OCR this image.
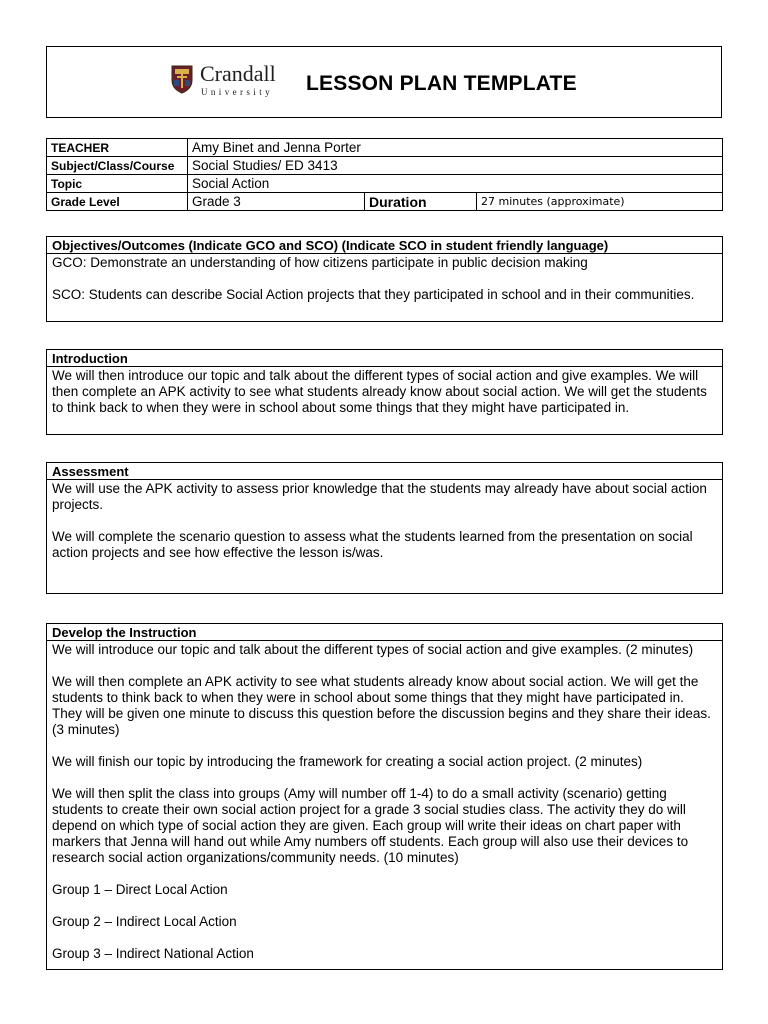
Crandall
University LESSON PLAN TEMPLATE
TEACHER	Amy Binet and Jenna Porter		
Subject/Class/Course	Social Studies/ ED 3413		
Topic	Social Action		
Grade Level	Grade 3	Duration	27 minutes (approximate)
Objectives/Outcomes (Indicate GCO and SCO) (Indicate SCO in student friendly language)

GCO: Demonstrate an understanding of how citizens participate in public decision making

SCO: Students can describe Social Action projects that they participated in school and in their communities.

Introduction

We will then introduce our topic and talk about the different types of social action and give examples. We will then complete an APK activity to see what students already know about social action. We will get the students to think back to when they were in school about some things that they might have participated in.

Assessment

We will use the APK activity to assess prior knowledge that the students may already have about social action projects.

We will complete the scenario question to assess what the students learned from the presentation on social action projects and see how effective the lesson is/was.

Develop the Instruction

We will introduce our topic and talk about the different types of social action and give examples. (2 minutes)

We will then complete an APK activity to see what students already know about social action. We will get the students to think back to when they were in school about some things that they might have participated in. They will be given one minute to discuss this question before the discussion begins and they share their ideas. (3 minutes)

We will finish our topic by introducing the framework for creating a social action project. (2 minutes)

We will then split the class into groups (Amy will number off 1-4) to do a small activity (scenario) getting students to create their own social action project for a grade 3 social studies class. The activity they do will depend on which type of social action they are given. Each group will write their ideas on chart paper with markers that Jenna will hand out while Amy numbers off students. Each group will also use their devices to research social action organizations/community needs. (10 minutes)

Group 1 – Direct Local Action

Group 2 – Indirect Local Action

Group 3 – Indirect National Action
